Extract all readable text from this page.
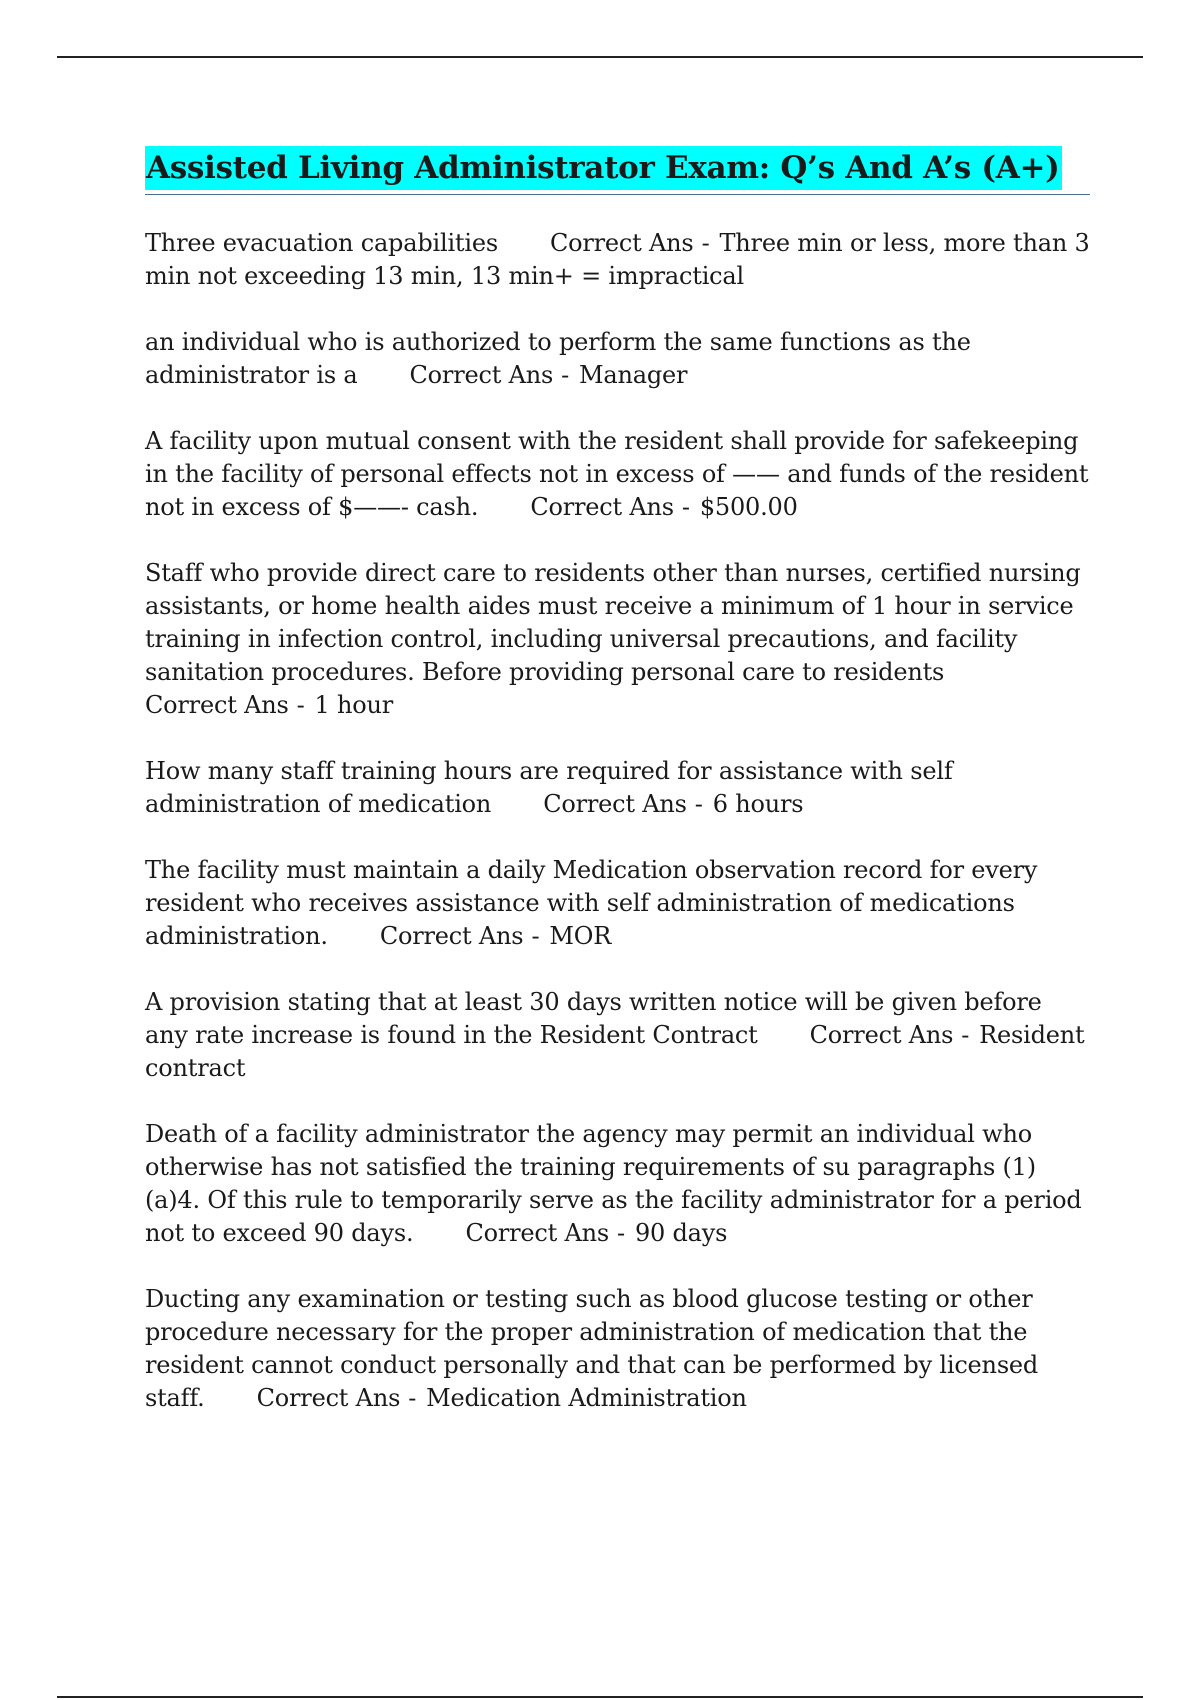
Assisted Living Administrator Exam: Q’s And A’s (A+)
Three evacuation capabilities Correct Ans - Three min or less, more than 3 min not exceeding 13 min, 13 min+ = impractical
an individual who is authorized to perform the same functions as the administrator is a Correct Ans - Manager
A facility upon mutual consent with the resident shall provide for safekeeping in the facility of personal effects not in excess of —— and funds of the resident not in excess of $——- cash. Correct Ans - $500.00
Staff who provide direct care to residents other than nurses, certified nursing assistants, or home health aides must receive a minimum of 1 hour in service training in infection control, including universal precautions, and facility sanitation procedures. Before providing personal care to residents
Correct Ans - 1 hour
How many staff training hours are required for assistance with self administration of medication Correct Ans - 6 hours
The facility must maintain a daily Medication observation record for every resident who receives assistance with self administration of medications administration. Correct Ans - MOR
A provision stating that at least 30 days written notice will be given before any rate increase is found in the Resident Contract Correct Ans - Resident contract
Death of a facility administrator the agency may permit an individual who otherwise has not satisfied the training requirements of su paragraphs (1)(a)4. Of this rule to temporarily serve as the facility administrator for a period not to exceed 90 days. Correct Ans - 90 days
Ducting any examination or testing such as blood glucose testing or other procedure necessary for the proper administration of medication that the resident cannot conduct personally and that can be performed by licensed staff. Correct Ans - Medication Administration
